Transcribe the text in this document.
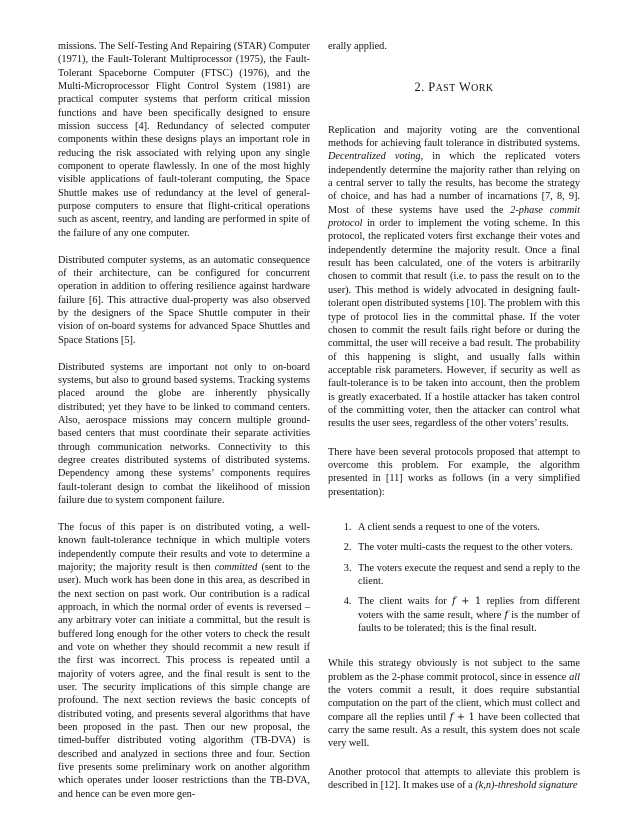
missions. The Self-Testing And Repairing (STAR) Computer (1971), the Fault-Tolerant Multiprocessor (1975), the Fault-Tolerant Spaceborne Computer (FTSC) (1976), and the Multi-Microprocessor Flight Control System (1981) are practical computer systems that perform critical mission functions and have been specifically designed to ensure mission success [4]. Redundancy of selected computer components within these designs plays an important role in reducing the risk associated with relying upon any single component to operate flawlessly. In one of the most highly visible applications of fault-tolerant computing, the Space Shuttle makes use of redundancy at the level of general-purpose computers to ensure that flight-critical operations such as ascent, reentry, and landing are performed in spite of the failure of any one computer.

Distributed computer systems, as an automatic consequence of their architecture, can be configured for concurrent operation in addition to offering resilience against hardware failure [6]. This attractive dual-property was also observed by the designers of the Space Shuttle computer in their vision of on-board systems for advanced Space Shuttles and Space Stations [5].

Distributed systems are important not only to on-board systems, but also to ground based systems. Tracking systems placed around the globe are inherently physically distributed; yet they have to be linked to command centers. Also, aerospace missions may concern multiple ground-based centers that must coordinate their separate activities through communication networks. Connectivity to this degree creates distributed systems of distributed systems. Dependency among these systems’ components requires fault-tolerant design to combat the likelihood of mission failure due to system component failure.

The focus of this paper is on distributed voting, a well-known fault-tolerance technique in which multiple voters independently compute their results and vote to determine a majority; the majority result is then committed (sent to the user). Much work has been done in this area, as described in the next section on past work. Our contribution is a radical approach, in which the normal order of events is reversed – any arbitrary voter can initiate a committal, but the result is buffered long enough for the other voters to check the result and vote on whether they should recommit a new result if the first was incorrect. This process is repeated until a majority of voters agree, and the final result is sent to the user. The security implications of this simple change are profound. The next section reviews the basic concepts of distributed voting, and presents several algorithms that have been proposed in the past. Then our new proposal, the timed-buffer distributed voting algorithm (TB-DVA) is described and analyzed in sections three and four. Section five presents some preliminary work on another algorithm which operates under looser restrictions than the TB-DVA, and hence can be even more gen-

erally applied.

2. PAST WORK

Replication and majority voting are the conventional methods for achieving fault tolerance in distributed systems. Decentralized voting, in which the replicated voters independently determine the majority rather than relying on a central server to tally the results, has become the strategy of choice, and has had a number of incarnations [7, 8, 9]. Most of these systems have used the 2-phase commit protocol in order to implement the voting scheme. In this protocol, the replicated voters first exchange their votes and independently determine the majority result. Once a final result has been calculated, one of the voters is arbitrarily chosen to commit that result (i.e. to pass the result on to the user). This method is widely advocated in designing fault-tolerant open distributed systems [10]. The problem with this type of protocol lies in the committal phase. If the voter chosen to commit the result fails right before or during the committal, the user will receive a bad result. The probability of this happening is slight, and usually falls within acceptable risk parameters. However, if security as well as fault-tolerance is to be taken into account, then the problem is greatly exacerbated. If a hostile attacker has taken control of the committing voter, then the attacker can control what results the user sees, regardless of the other voters’ results.

There have been several protocols proposed that attempt to overcome this problem. For example, the algorithm presented in [11] works as follows (in a very simplified presentation):

1. A client sends a request to one of the voters.
2. The voter multi-casts the request to the other voters.
3. The voters execute the request and send a reply to the client.
4. The client waits for f + 1 replies from different voters with the same result, where f is the number of faults to be tolerated; this is the final result.

While this strategy obviously is not subject to the same problem as the 2-phase commit protocol, since in essence all the voters commit a result, it does require substantial computation on the part of the client, which must collect and compare all the replies until f + 1 have been collected that carry the same result. As a result, this system does not scale very well.

Another protocol that attempts to alleviate this problem is described in [12]. It makes use of a (k,n)-threshold signature
